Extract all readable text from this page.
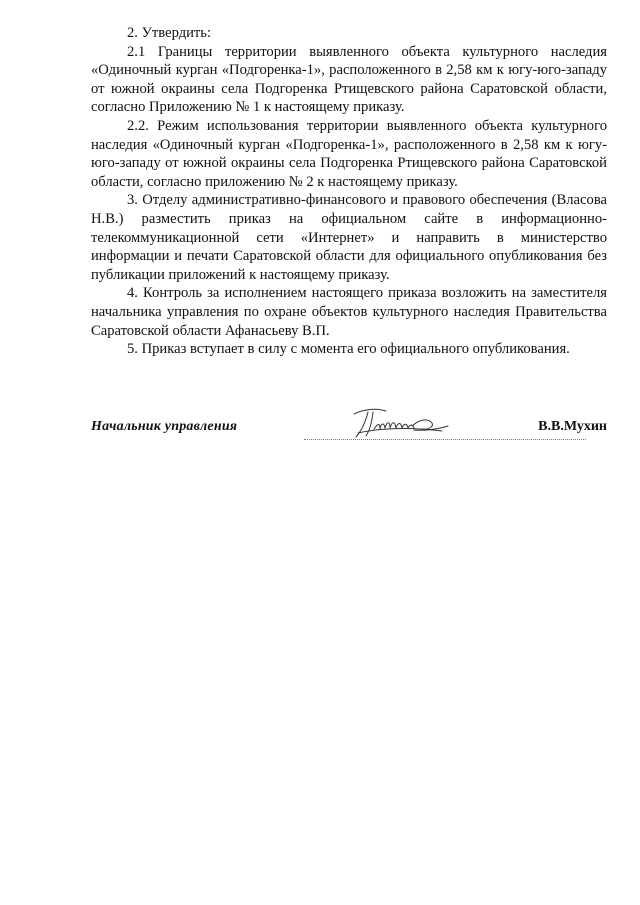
2. Утвердить:

2.1 Границы территории выявленного объекта культурного наследия «Одиночный курган «Подгоренка-1», расположенного в 2,58 км к югу-юго-западу от южной окраины села Подгоренка Ртищевского района Саратовской области, согласно Приложению № 1 к настоящему приказу.

2.2. Режим использования территории выявленного объекта культурного наследия «Одиночный курган «Подгоренка-1», расположенного в 2,58 км к югу-юго-западу от южной окраины села Подгоренка Ртищевского района Саратовской области, согласно приложению № 2 к настоящему приказу.

3. Отделу административно-финансового и правового обеспечения (Власова Н.В.) разместить приказ на официальном сайте в информационно-телекоммуникационной сети «Интернет» и направить в министерство информации и печати Саратовской области для официального опубликования без публикации приложений к настоящему приказу.

4. Контроль за исполнением настоящего приказа возложить на заместителя начальника управления по охране объектов культурного наследия Правительства Саратовской области Афанасьеву В.П.

5. Приказ вступает в силу с момента его официального опубликования.

Начальник управления	В.В.Мухин
